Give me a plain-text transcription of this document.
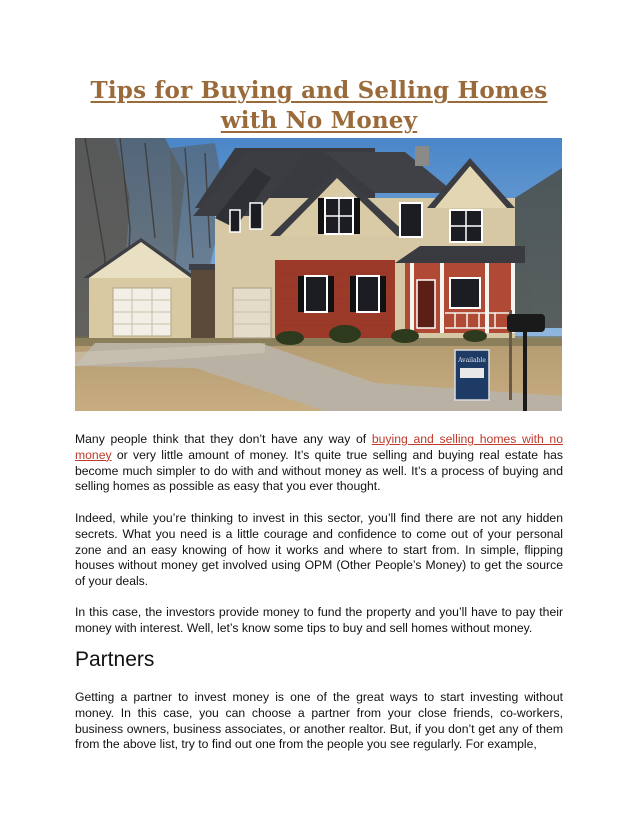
Tips for Buying and Selling Homes
with No Money
Available

Many people think that they don’t have any way of buying and selling homes with no money or very little amount of money. It’s quite true selling and buying real estate has become much simpler to do with and without money as well. It’s a process of buying and selling homes as possible as easy that you ever thought.

Indeed, while you’re thinking to invest in this sector, you’ll find there are not any hidden secrets. What you need is a little courage and confidence to come out of your personal zone and an easy knowing of how it works and where to start from. In simple, flipping houses without money get involved using OPM (Other People’s Money) to get the source of your deals.

In this case, the investors provide money to fund the property and you’ll have to pay their money with interest. Well, let’s know some tips to buy and sell homes without money.

Partners

Getting a partner to invest money is one of the great ways to start investing without money. In this case, you can choose a partner from your close friends, co-workers, business owners, business associates, or another realtor. But, if you don’t get any of them from the above list, try to find out one from the people you see regularly. For example,
